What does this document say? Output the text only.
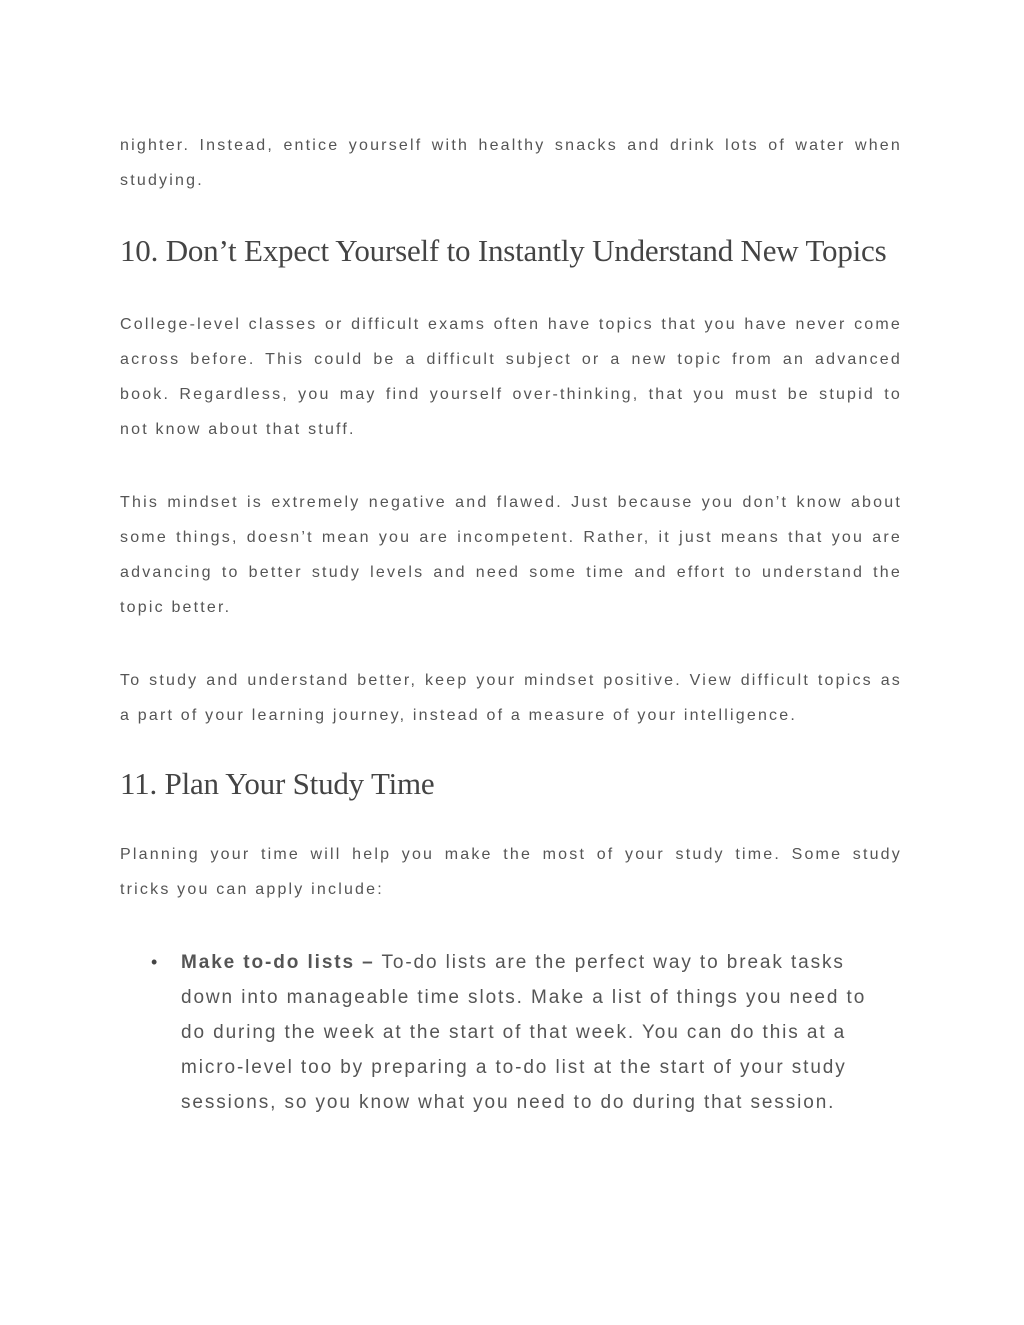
nighter. Instead, entice yourself with healthy snacks and drink lots of water when studying.

10. Don’t Expect Yourself to Instantly Understand New Topics

College-level classes or difficult exams often have topics that you have never come across before. This could be a difficult subject or a new topic from an advanced book. Regardless, you may find yourself over-thinking, that you must be stupid to not know about that stuff.

This mindset is extremely negative and flawed. Just because you don’t know about some things, doesn’t mean you are incompetent. Rather, it just means that you are advancing to better study levels and need some time and effort to understand the topic better.

To study and understand better, keep your mindset positive. View difficult topics as a part of your learning journey, instead of a measure of your intelligence.

11. Plan Your Study Time

Planning your time will help you make the most of your study time. Some study tricks you can apply include:

• Make to-do lists – To-do lists are the perfect way to break tasks down into manageable time slots. Make a list of things you need to do during the week at the start of that week. You can do this at a micro-level too by preparing a to-do list at the start of your study sessions, so you know what you need to do during that session.
